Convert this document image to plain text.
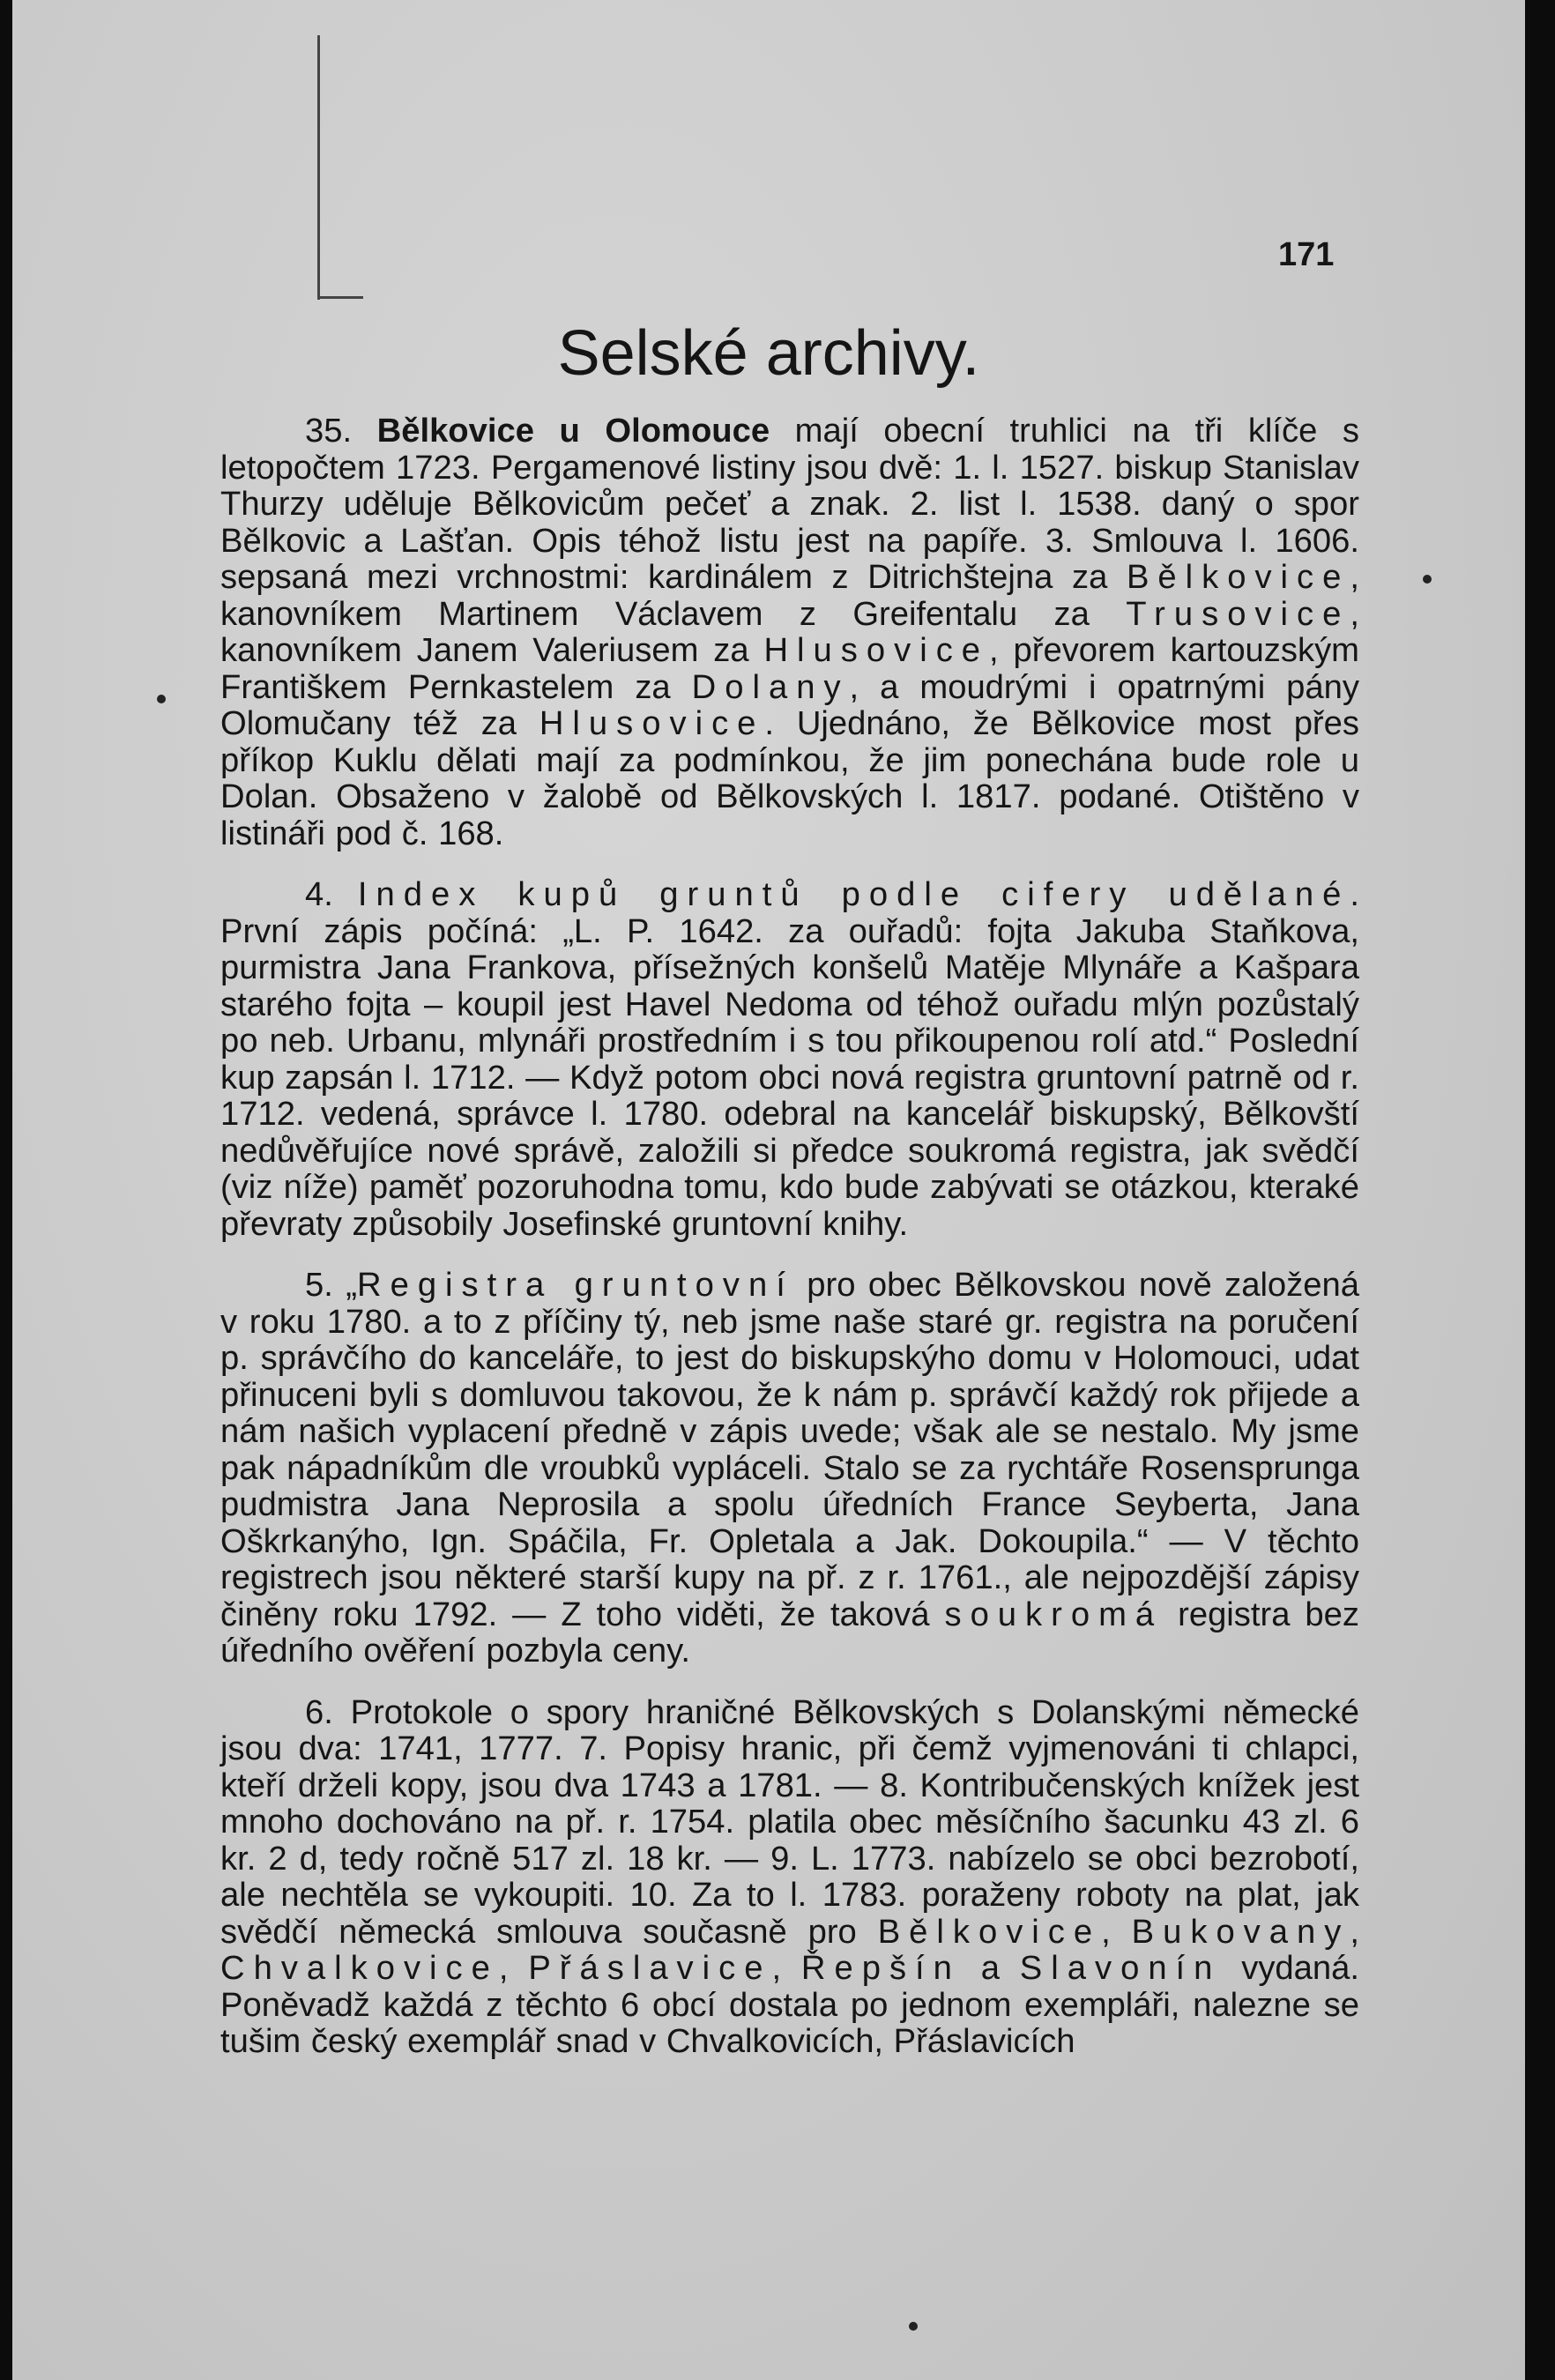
171
Selské archivy.

35. Bělkovice u Olomouce mají obecní truhlici na tři klíče s letopočtem 1723. Pergamenové listiny jsou dvě: 1. l. 1527. biskup Stanislav Thurzy uděluje Bělkovicům pečeť a znak. 2. list l. 1538. daný o spor Bělkovic a Lašťan. Opis téhož listu jest na papíře. 3. Smlouva l. 1606. sepsaná mezi vrchnostmi: kardinálem z Ditrichštejna za Bělkovice, kanovníkem Martinem Václavem z Greifentalu za Trusovice, kanovníkem Janem Valeriusem za Hlusovice, převorem kartouzským Františkem Pernkastelem za Dolany, a moudrými i opatrnými pány Olomučany též za Hlusovice. Ujednáno, že Bělkovice most přes příkop Kuklu dělati mají za podmínkou, že jim ponechána bude role u Dolan. Obsaženo v žalobě od Bělkovských l. 1817. podané. Otištěno v listináři pod č. 168.

4. Index kupů gruntů podle cifery udělané. První zápis počíná: „L. P. 1642. za ouřadů: fojta Jakuba Staňkova, purmistra Jana Frankova, přísežných konšelů Matěje Mlynáře a Kašpara starého fojta – koupil jest Havel Nedoma od téhož ouřadu mlýn pozůstalý po neb. Urbanu, mlynáři prostředním i s tou přikoupenou rolí atd.“ Poslední kup zapsán l. 1712. — Když potom obci nová registra gruntovní patrně od r. 1712. vedená, správce l. 1780. odebral na kancelář biskupský, Bělkovští nedůvěřujíce nové správě, založili si předce soukromá registra, jak svědčí (viz níže) paměť pozoruhodna tomu, kdo bude zabývati se otázkou, kteraké převraty způsobily Josefinské gruntovní knihy.

5. „Registra gruntovní pro obec Bělkovskou nově založená v roku 1780. a to z příčiny tý, neb jsme naše staré gr. registra na poručení p. správčího do kanceláře, to jest do biskupskýho domu v Holomouci, udat přinuceni byli s domluvou takovou, že k nám p. správčí každý rok přijede a nám našich vyplacení předně v zápis uvede; však ale se nestalo. My jsme pak nápadníkům dle vroubků vypláceli. Stalo se za rychtáře Rosensprunga pudmistra Jana Neprosila a spolu úředních France Seyberta, Jana Oškrkanýho, Ign. Spáčila, Fr. Opletala a Jak. Dokoupila.“ — V těchto registrech jsou některé starší kupy na př. z r. 1761., ale nejpozdější zápisy činěny roku 1792. — Z toho viděti, že taková soukromá registra bez úředního ověření pozbyla ceny.

6. Protokole o spory hraničné Bělkovských s Dolanskými německé jsou dva: 1741, 1777. 7. Popisy hranic, při čemž vyjmenováni ti chlapci, kteří drželi kopy, jsou dva 1743 a 1781. — 8. Kontribučenských knížek jest mnoho dochováno na př. r. 1754. platila obec měsíčního šacunku 43 zl. 6 kr. 2 d, tedy ročně 517 zl. 18 kr. — 9. L. 1773. nabízelo se obci bezrobotí, ale nechtěla se vykoupiti. 10. Za to l. 1783. poraženy roboty na plat, jak svědčí německá smlouva současně pro Bělkovice, Bukovany, Chvalkovice, Přáslavice, Řepšín a Slavonín vydaná. Poněvadž každá z těchto 6 obcí dostala po jednom exempláři, nalezne se tušim český exemplář snad v Chvalkovicích, Přáslavicích
